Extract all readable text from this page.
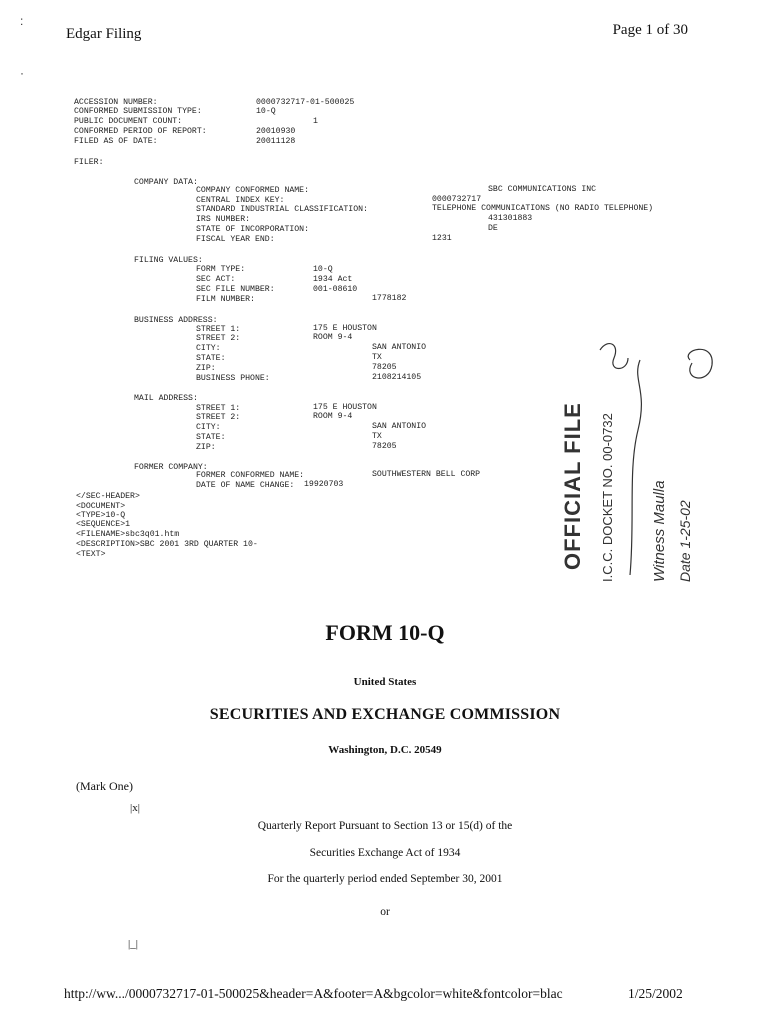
:
·
Edgar Filing	Page 1 of 30
ACCESSION NUMBER:	0000732717-01-500025
CONFORMED SUBMISSION TYPE:	10-Q
PUBLIC DOCUMENT COUNT:	1
CONFORMED PERIOD OF REPORT:	20010930
FILED AS OF DATE:	20011128
FILER:
COMPANY DATA:
COMPANY CONFORMED NAME:	SBC COMMUNICATIONS INC
CENTRAL INDEX KEY:	0000732717
STANDARD INDUSTRIAL CLASSIFICATION:	TELEPHONE COMMUNICATIONS (NO RADIO TELEPHONE)
IRS NUMBER:	431301883
STATE OF INCORPORATION:	DE
FISCAL YEAR END:	1231
FILING VALUES:
FORM TYPE:	10-Q
SEC ACT:	1934 Act
SEC FILE NUMBER:	001-08610
FILM NUMBER:	1778182
BUSINESS ADDRESS:
STREET 1:	175 E HOUSTON
STREET 2:	ROOM 9-4
CITY:	SAN ANTONIO
STATE:	TX
ZIP:	78205
BUSINESS PHONE:	2108214105
MAIL ADDRESS:
STREET 1:	175 E HOUSTON
STREET 2:	ROOM 9-4
CITY:	SAN ANTONIO
STATE:	TX
ZIP:	78205
FORMER COMPANY:
FORMER CONFORMED NAME:	SOUTHWESTERN BELL CORP
DATE OF NAME CHANGE: 19920703
</SEC-HEADER>
<DOCUMENT>
<TYPE>10-Q
<SEQUENCE>1
<FILENAME>sbc3q01.htm
<DESCRIPTION>SBC 2001 3RD QUARTER 10-
<TEXT>	OFFICIAL FILE I.C.C. DOCKET NO. 00-0732 Witness Maulla Date 1-25-02
FORM 10-Q
United States
SECURITIES AND EXCHANGE COMMISSION
Washington, D.C. 20549
(Mark One)
|x|
Quarterly Report Pursuant to Section 13 or 15(d) of the
Securities Exchange Act of 1934
For the quarterly period ended September 30, 2001
or
|_|
http://ww.../0000732717-01-500025&header=A&footer=A&bgcolor=white&fontcolor=blac	1/25/2002
